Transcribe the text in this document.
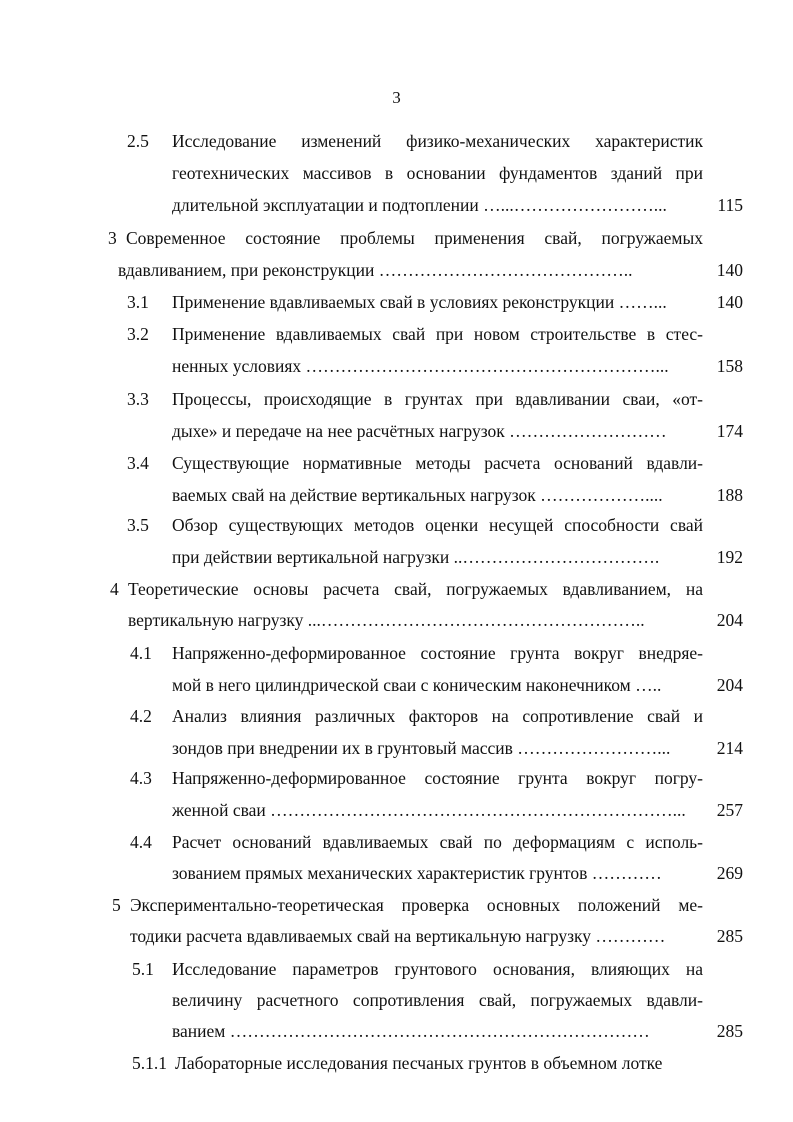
3
2.5 Исследование изменений физико-механических характеристик
геотехнических массивов в основании фундаментов зданий при
длительной эксплуатации и подтоплении …...……………………...	115
3 Современное состояние проблемы применения свай, погружаемых
вдавливанием, при реконструкции ……………………………………..	140
3.1 Применение вдавливаемых свай в условиях реконструкции ……...	140
3.2 Применение вдавливаемых свай при новом строительстве в стес-
ненных условиях ……………………………………………………...	158
3.3 Процессы, происходящие в грунтах при вдавливании сваи, «от-
дыхе» и передаче на нее расчётных нагрузок ………………………	174
3.4 Существующие нормативные методы расчета оснований вдавли-
ваемых свай на действие вертикальных нагрузок ………………....	188
3.5 Обзор существующих методов оценки несущей способности свай
при действии вертикальной нагрузки ..…………………………….	192
4 Теоретические основы расчета свай, погружаемых вдавливанием, на
вертикальную нагрузку ...………………………………………………..	204
4.1 Напряженно-деформированное состояние грунта вокруг внедряе-
мой в него цилиндрической сваи с коническим наконечником …..	204
4.2 Анализ влияния различных факторов на сопротивление свай и
зондов при внедрении их в грунтовый массив ……………………...	214
4.3 Напряженно-деформированное состояние грунта вокруг погру-
женной сваи ……………………………………………………………...	257
4.4 Расчет оснований вдавливаемых свай по деформациям с исполь-
зованием прямых механических характеристик грунтов …………	269
5 Экспериментально-теоретическая проверка основных положений ме-
тодики расчета вдавливаемых свай на вертикальную нагрузку …………	285
5.1 Исследование параметров грунтового основания, влияющих на
величину расчетного сопротивления свай, погружаемых вдавли-
ванием ………………………………………………………………	285
5.1.1 Лабораторные исследования песчаных грунтов в объемном лотке
